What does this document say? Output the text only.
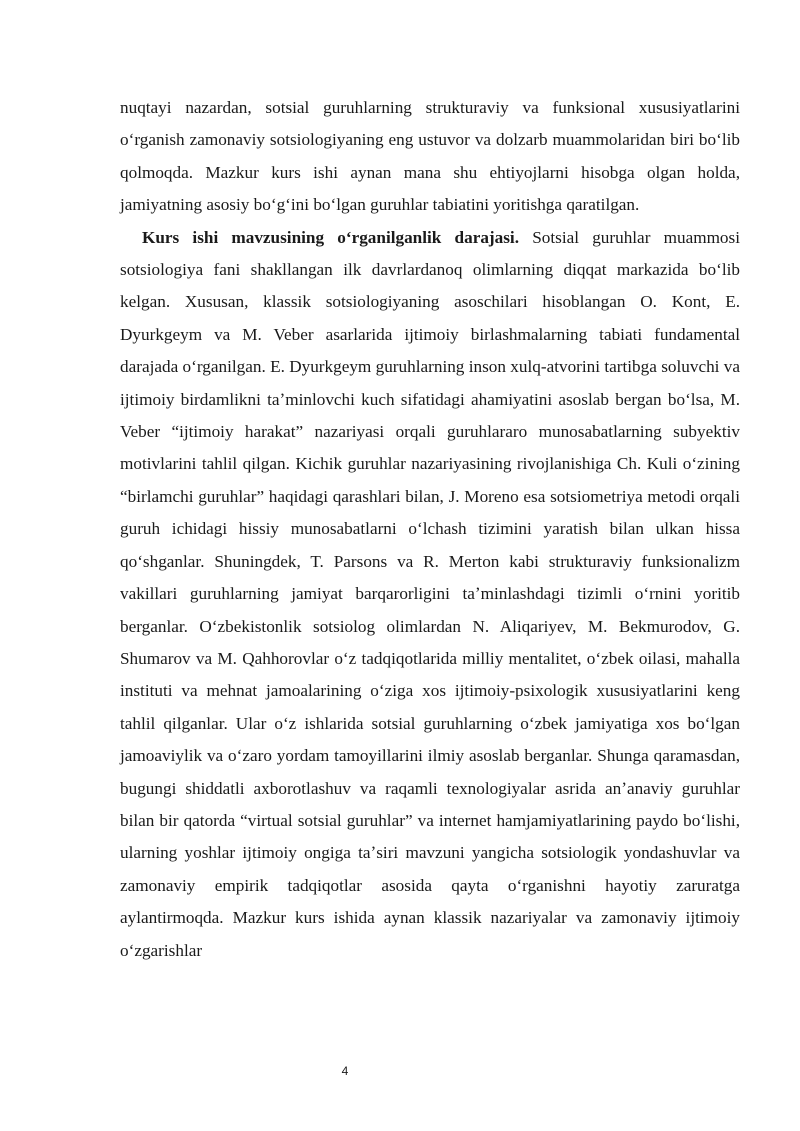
nuqtayi nazardan, sotsial guruhlarning strukturaviy va funksional xususiyatlarini oʻrganish zamonaviy sotsiologiyaning eng ustuvor va dolzarb muammolaridan biri boʻlib qolmoqda. Mazkur kurs ishi aynan mana shu ehtiyojlarni hisobga olgan holda, jamiyatning asosiy boʻgʻini boʻlgan guruhlar tabiatini yoritishga qaratilgan.

Kurs ishi mavzusining oʻrganilganlik darajasi. Sotsial guruhlar muammosi sotsiologiya fani shakllangan ilk davrlardanoq olimlarning diqqat markazida boʻlib kelgan. Xususan, klassik sotsiologiyaning asoschilari hisoblangan O. Kont, E. Dyurkgeym va M. Veber asarlarida ijtimoiy birlashmalarning tabiati fundamental darajada oʻrganilgan. E. Dyurkgeym guruhlarning inson xulq-atvorini tartibga soluvchi va ijtimoiy birdamlikni taʼminlovchi kuch sifatidagi ahamiyatini asoslab bergan boʻlsa, M. Veber “ijtimoiy harakat” nazariyasi orqali guruhlararo munosabatlarning subyektiv motivlarini tahlil qilgan. Kichik guruhlar nazariyasining rivojlanishiga Ch. Kuli oʻzining “birlamchi guruhlar” haqidagi qarashlari bilan, J. Moreno esa sotsiometriya metodi orqali guruh ichidagi hissiy munosabatlarni oʻlchash tizimini yaratish bilan ulkan hissa qoʻshganlar. Shuningdek, T. Parsons va R. Merton kabi strukturaviy funksionalizm vakillari guruhlarning jamiyat barqarorligini taʼminlashdagi tizimli oʻrnini yoritib berganlar. Oʻzbekistonlik sotsiolog olimlardan N. Aliqariyev, M. Bekmurodov, G. Shumarov va M. Qahhorovlar oʻz tadqiqotlarida milliy mentalitet, oʻzbek oilasi, mahalla instituti va mehnat jamoalarining oʻziga xos ijtimoiy-psixologik xususiyatlarini keng tahlil qilganlar. Ular oʻz ishlarida sotsial guruhlarning oʻzbek jamiyatiga xos boʻlgan jamoaviylik va oʻzaro yordam tamoyillarini ilmiy asoslab berganlar. Shunga qaramasdan, bugungi shiddatli axborotlashuv va raqamli texnologiyalar asrida anʼanaviy guruhlar bilan bir qatorda “virtual sotsial guruhlar” va internet hamjamiyatlarining paydo boʻlishi, ularning yoshlar ijtimoiy ongiga taʼsiri mavzuni yangicha sotsiologik yondashuvlar va zamonaviy empirik tadqiqotlar asosida qayta oʻrganishni hayotiy zaruratga aylantirmoqda. Mazkur kurs ishida aynan klassik nazariyalar va zamonaviy ijtimoiy oʻzgarishlar

4
